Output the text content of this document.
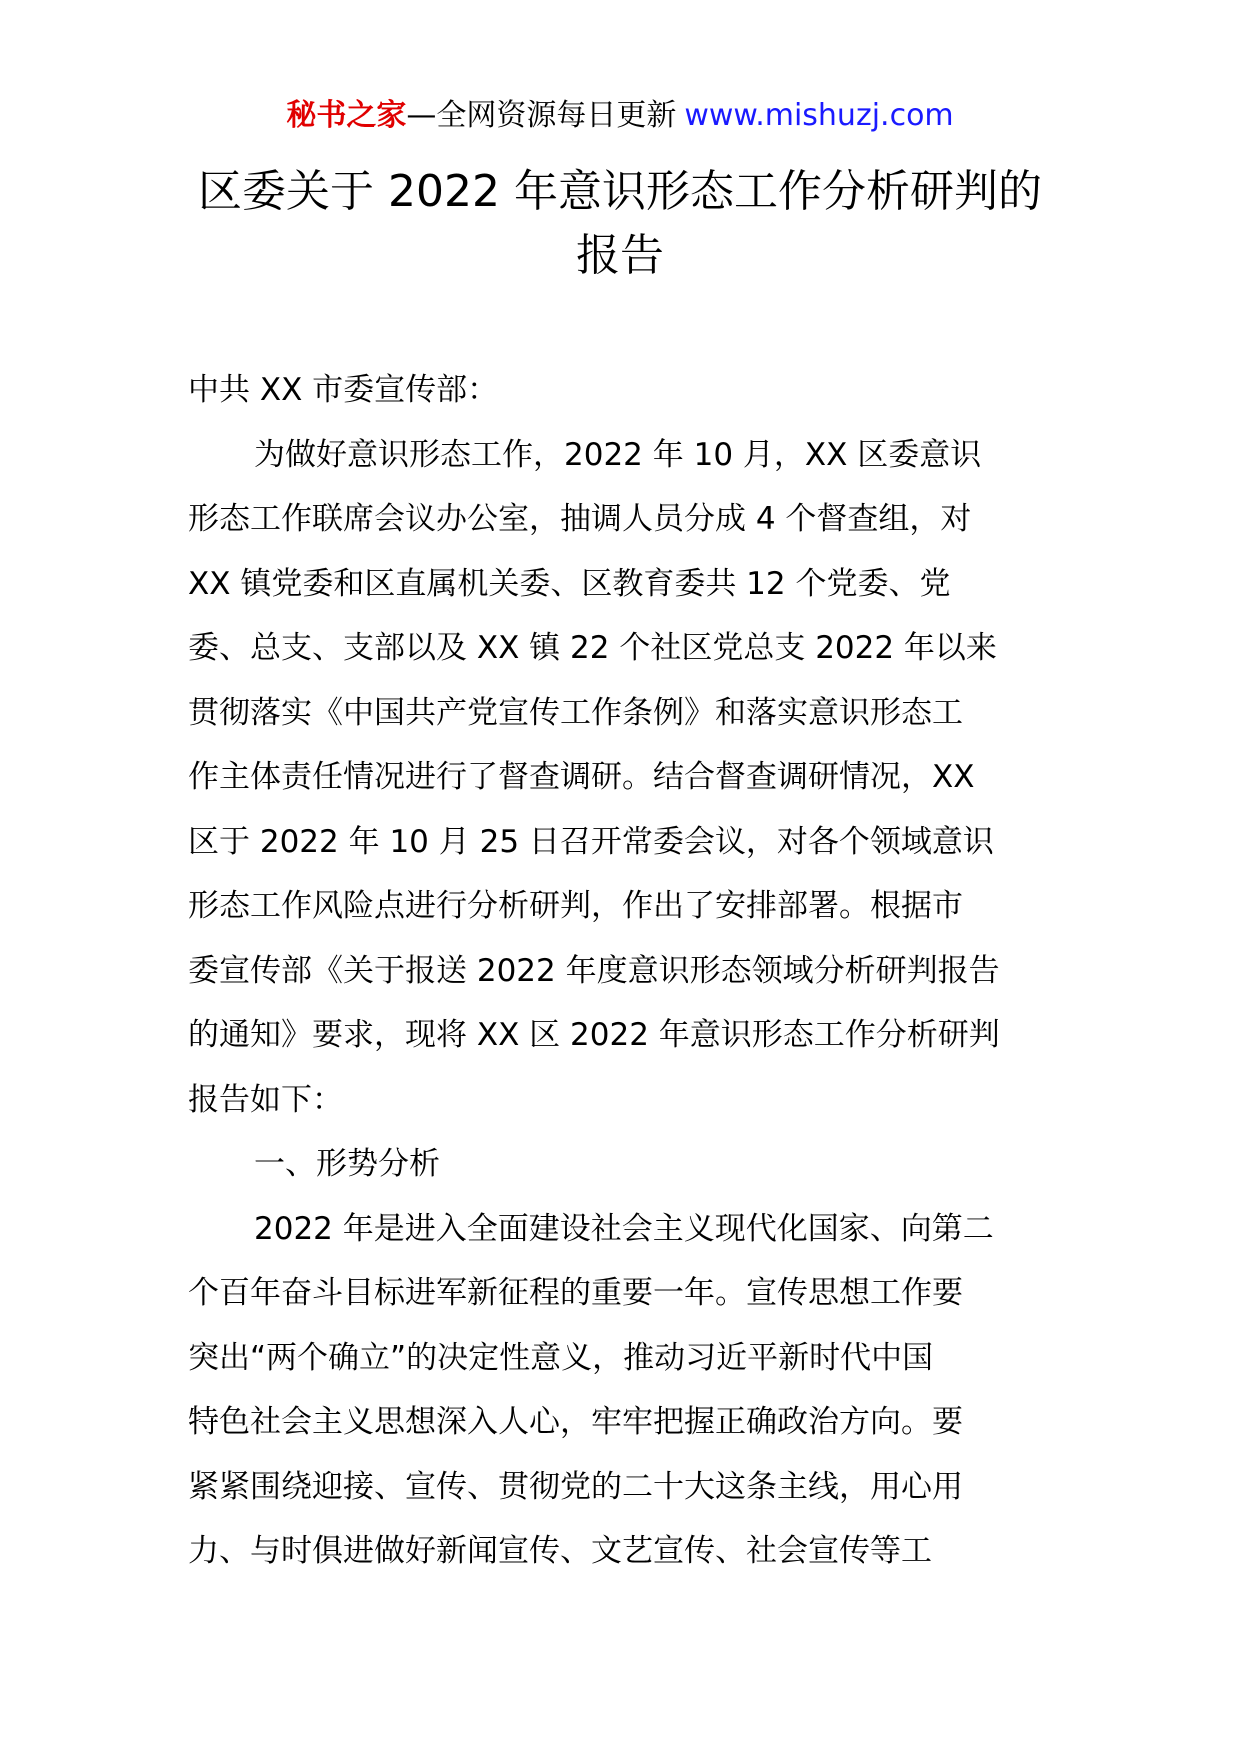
秘书之家—全网资源每日更新 www.mishuzj.com
区委关于 2022 年意识形态工作分析研判的
报告
中共 XX 市委宣传部：
为做好意识形态工作，2022 年 10 月，XX 区委意识
形态工作联席会议办公室，抽调人员分成 4 个督查组，对
XX 镇党委和区直属机关委、区教育委共 12 个党委、党
委、总支、支部以及 XX 镇 22 个社区党总支 2022 年以来
贯彻落实《中国共产党宣传工作条例》和落实意识形态工
作主体责任情况进行了督查调研。结合督查调研情况，XX
区于 2022 年 10 月 25 日召开常委会议，对各个领域意识
形态工作风险点进行分析研判，作出了安排部署。根据市
委宣传部《关于报送 2022 年度意识形态领域分析研判报告
的通知》要求，现将 XX 区 2022 年意识形态工作分析研判
报告如下：
一、形势分析
2022 年是进入全面建设社会主义现代化国家、向第二
个百年奋斗目标进军新征程的重要一年。宣传思想工作要
突出“两个确立”的决定性意义，推动习近平新时代中国
特色社会主义思想深入人心，牢牢把握正确政治方向。要
紧紧围绕迎接、宣传、贯彻党的二十大这条主线，用心用
力、与时俱进做好新闻宣传、文艺宣传、社会宣传等工
